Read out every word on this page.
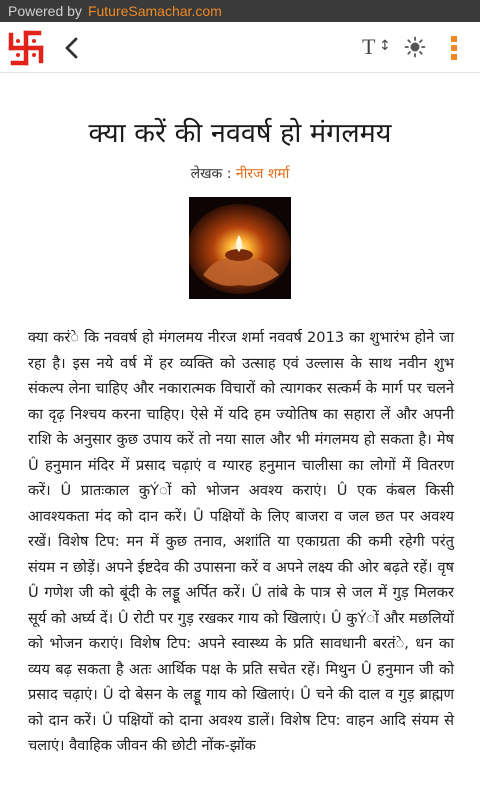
Powered by FutureSamachar.com
T ↕
क्या करें की नववर्ष हो मंगलमय
लेखक : नीरज शर्मा
क्या करंे कि नववर्ष हो मंगलमय नीरज शर्मा नववर्ष 2013 का शुभारंभ होने जा रहा है। इस नये वर्ष में हर व्यक्ति को उत्साह एवं उल्लास के साथ नवीन शुभ संकल्प लेना चाहिए और नकारात्मक विचारों को त्यागकर सत्कर्म के मार्ग पर चलने का दृढ़ निश्चय करना चाहिए। ऐसे में यदि हम ज्योतिष का सहारा लें और अपनी राशि के अनुसार कुछ उपाय करें तो नया साल और भी मंगलमय हो सकता है। मेष Û हनुमान मंदिर में प्रसाद चढ़ाएं व ग्यारह हनुमान चालीसा का लोगों में वितरण करें। Û प्रातःकाल कुÝों को भोजन अवश्य कराएं। Û एक कंबल किसी आवश्यकता मंद को दान करें। Û पक्षियों के लिए बाजरा व जल छत पर अवश्य रखें। विशेष टिप: मन में कुछ तनाव, अशांति या एकाग्रता की कमी रहेगी परंतु संयम न छोड़ें। अपने ईष्टदेव की उपासना करें व अपने लक्ष्य की ओर बढ़ते रहें। वृष Û गणेश जी को बूंदी के लड्डू अर्पित करें। Û तांबे के पात्र से जल में गुड़ मिलकर सूर्य को अर्घ्य दें। Û रोटी पर गुड़ रखकर गाय को खिलाएं। Û कुÝों और मछलियों को भोजन कराएं। विशेष टिप: अपने स्वास्थ्य के प्रति सावधानी बरतंे, धन का व्यय बढ़ सकता है अतः आर्थिक पक्ष के प्रति सचेत रहें। मिथुन Û हनुमान जी को प्रसाद चढ़ाएं। Û दो बेसन के लड्डू गाय को खिलाएं। Û चने की दाल व गुड़ ब्राह्मण को दान करें। Û पक्षियों को दाना अवश्य डालें। विशेष टिप: वाहन आदि संयम से चलाएं। वैवाहिक जीवन की छोटी नोंक-झोंक
